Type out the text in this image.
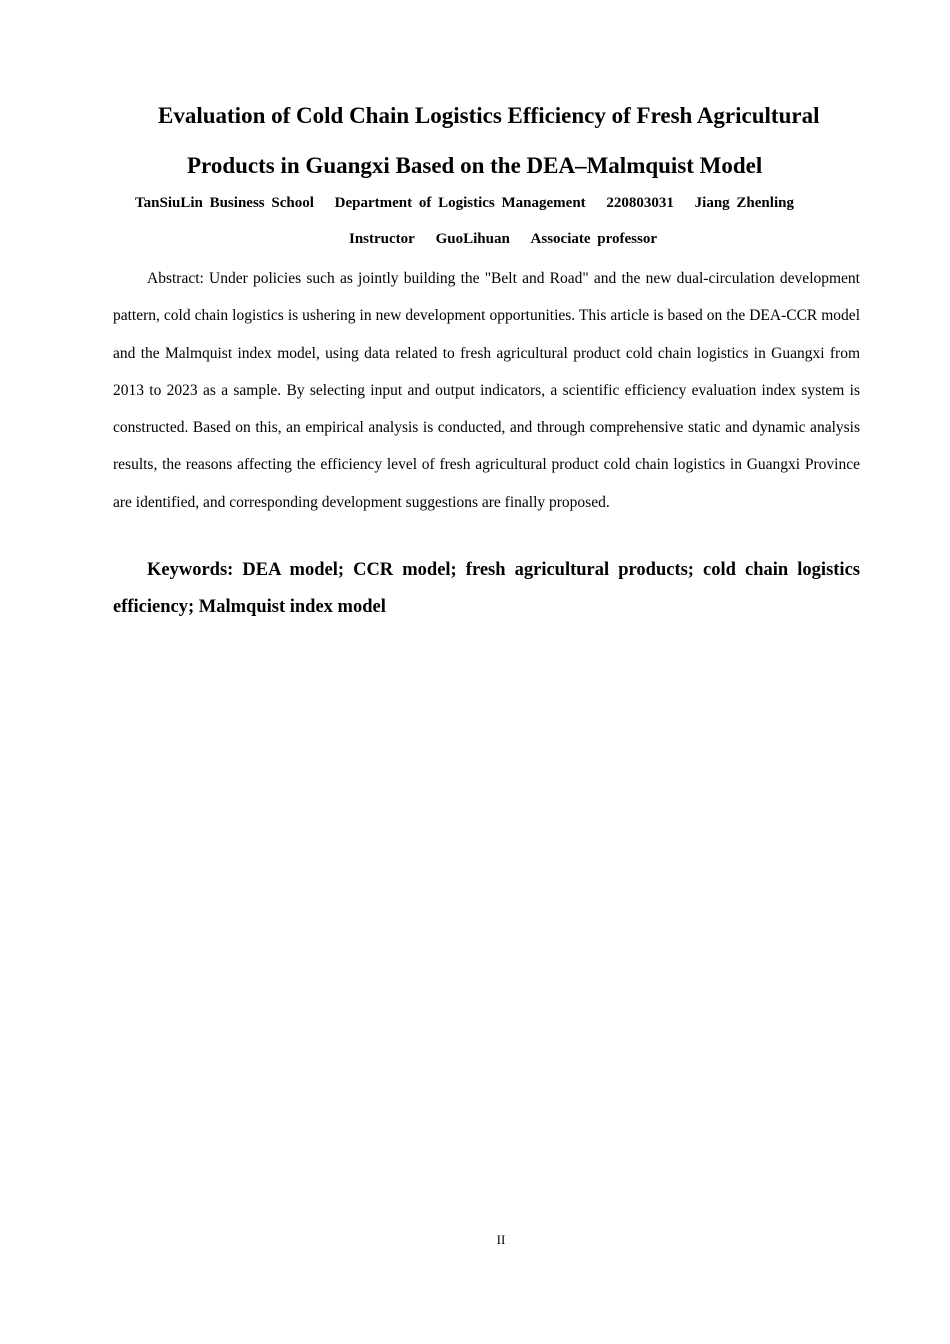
Evaluation of Cold Chain Logistics Efficiency of Fresh Agricultural
Products in Guangxi Based on the DEA–Malmquist Model
TanSiuLin Business School Department of Logistics Management 220803031 Jiang Zhenling
Instructor GuoLihuan Associate professor

Abstract: Under policies such as jointly building the "Belt and Road" and the new dual-circulation development pattern, cold chain logistics is ushering in new development opportunities. This article is based on the DEA-CCR model and the Malmquist index model, using data related to fresh agricultural product cold chain logistics in Guangxi from 2013 to 2023 as a sample. By selecting input and output indicators, a scientific efficiency evaluation index system is constructed. Based on this, an empirical analysis is conducted, and through comprehensive static and dynamic analysis results, the reasons affecting the efficiency level of fresh agricultural product cold chain logistics in Guangxi Province are identified, and corresponding development suggestions are finally proposed.

Keywords: DEA model; CCR model; fresh agricultural products; cold chain logistics efficiency; Malmquist index model

II
